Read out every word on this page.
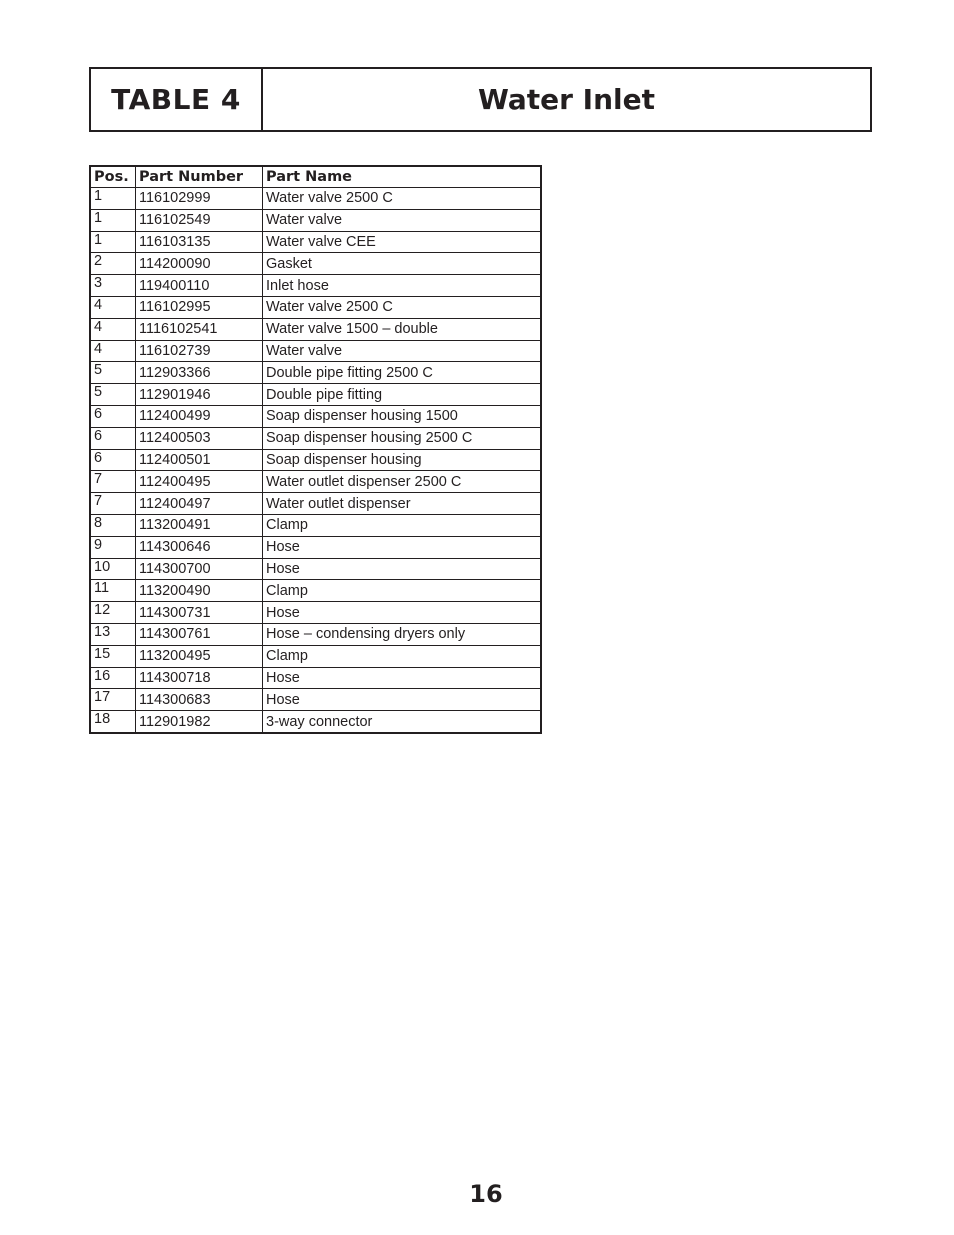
TABLE 4	Water Inlet
Pos.	Part Number	Part Name
1	116102999	Water valve 2500 C
1	116102549	Water valve
1	116103135	Water valve CEE
2	114200090	Gasket
3	119400110	Inlet hose
4	116102995	Water valve 2500 C
4	1116102541	Water valve 1500 – double
4	116102739	Water valve
5	112903366	Double pipe fitting 2500 C
5	112901946	Double pipe fitting
6	112400499	Soap dispenser housing 1500
6	112400503	Soap dispenser housing 2500 C
6	112400501	Soap dispenser housing
7	112400495	Water outlet dispenser 2500 C
7	112400497	Water outlet dispenser
8	113200491	Clamp
9	114300646	Hose
10	114300700	Hose
11	113200490	Clamp
12	114300731	Hose
13	114300761	Hose – condensing dryers only
15	113200495	Clamp
16	114300718	Hose
17	114300683	Hose
18	112901982	3-way connector
16
